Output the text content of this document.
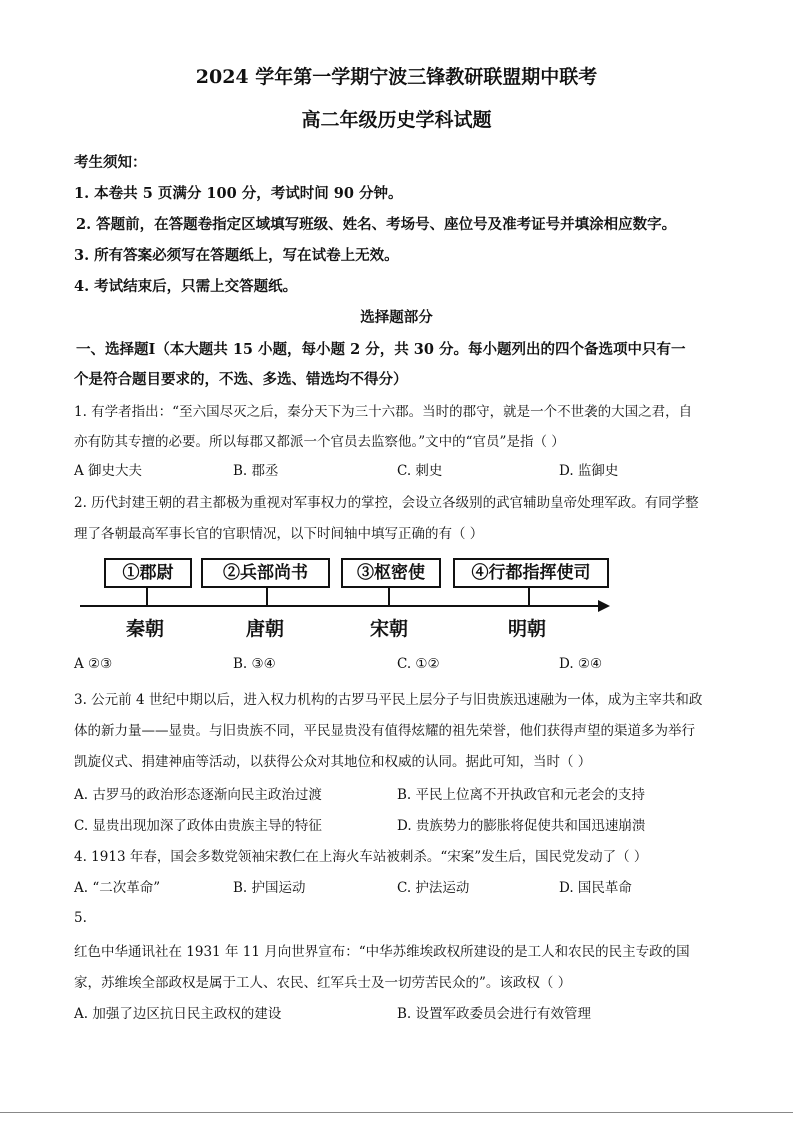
2024 学年第一学期宁波三锋教研联盟期中联考
高二年级历史学科试题
考生须知：
1. 本卷共 5 页满分 100 分，考试时间 90 分钟。
2. 答题前，在答题卷指定区域填写班级、姓名、考场号、座位号及准考证号并填涂相应数字。
3. 所有答案必须写在答题纸上，写在试卷上无效。
4. 考试结束后，只需上交答题纸。
选择题部分
一、选择题Ⅰ（本大题共 15 小题，每小题 2 分，共 30 分。每小题列出的四个备选项中只有一
个是符合题目要求的，不选、多选、错选均不得分）
1. 有学者指出：“至六国尽灭之后，秦分天下为三十六郡。当时的郡守，就是一个不世袭的大国之君，自
亦有防其专擅的必要。所以每郡又都派一个官员去监察他。”文中的“官员”是指（ ）
A 御史大夫	B. 郡丞	C. 刺史	D. 监御史
2. 历代封建王朝的君主都极为重视对军事权力的掌控，会设立各级别的武官辅助皇帝处理军政。有同学整
理了各朝最高军事长官的官职情况，以下时间轴中填写正确的有（ ）
①郡尉	②兵部尚书	③枢密使	④行都指挥使司
秦朝	唐朝	宋朝	明朝
A ②③	B. ③④	C. ①②	D. ②④
3. 公元前 4 世纪中期以后，进入权力机构的古罗马平民上层分子与旧贵族迅速融为一体，成为主宰共和政
体的新力量——显贵。与旧贵族不同，平民显贵没有值得炫耀的祖先荣誉，他们获得声望的渠道多为举行
凯旋仪式、捐建神庙等活动，以获得公众对其地位和权威的认同。据此可知，当时（ ）
A. 古罗马的政治形态逐渐向民主政治过渡	B. 平民上位离不开执政官和元老会的支持
C. 显贵出现加深了政体由贵族主导的特征	D. 贵族势力的膨胀将促使共和国迅速崩溃
4. 1913 年春，国会多数党领袖宋教仁在上海火车站被刺杀。“宋案”发生后，国民党发动了（ ）
A. “二次革命”	B. 护国运动	C. 护法运动	D. 国民革命
5.
红色中华通讯社在 1931 年 11 月向世界宣布：“中华苏维埃政权所建设的是工人和农民的民主专政的国
家，苏维埃全部政权是属于工人、农民、红军兵士及一切劳苦民众的”。该政权（ ）
A. 加强了边区抗日民主政权的建设	B. 设置军政委员会进行有效管理
